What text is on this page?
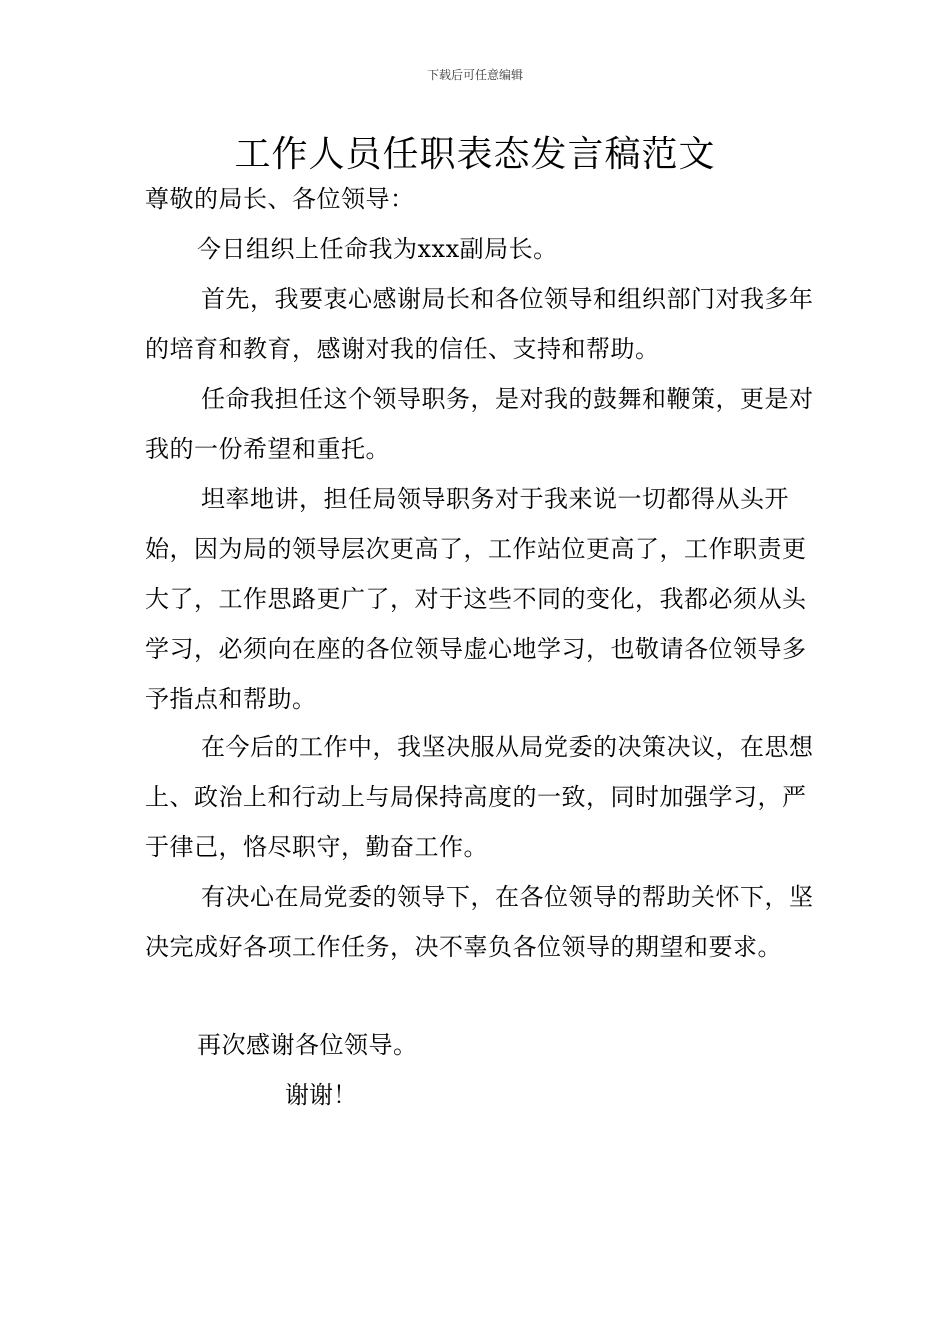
下载后可任意编辑
工作人员任职表态发言稿范文
尊敬的局长、各位领导：
今日组织上任命我为xxx副局长。
首先，我要衷心感谢局长和各位领导和组织部门对我多年的培育和教育，感谢对我的信任、支持和帮助。
任命我担任这个领导职务，是对我的鼓舞和鞭策，更是对我的一份希望和重托。
坦率地讲，担任局领导职务对于我来说一切都得从头开始，因为局的领导层次更高了，工作站位更高了，工作职责更大了，工作思路更广了，对于这些不同的变化，我都必须从头学习，必须向在座的各位领导虚心地学习，也敬请各位领导多予指点和帮助。
在今后的工作中，我坚决服从局党委的决策决议，在思想上、政治上和行动上与局保持高度的一致，同时加强学习，严于律己，恪尽职守，勤奋工作。
有决心在局党委的领导下，在各位领导的帮助关怀下，坚决完成好各项工作任务，决不辜负各位领导的期望和要求。
再次感谢各位领导。
谢谢！
